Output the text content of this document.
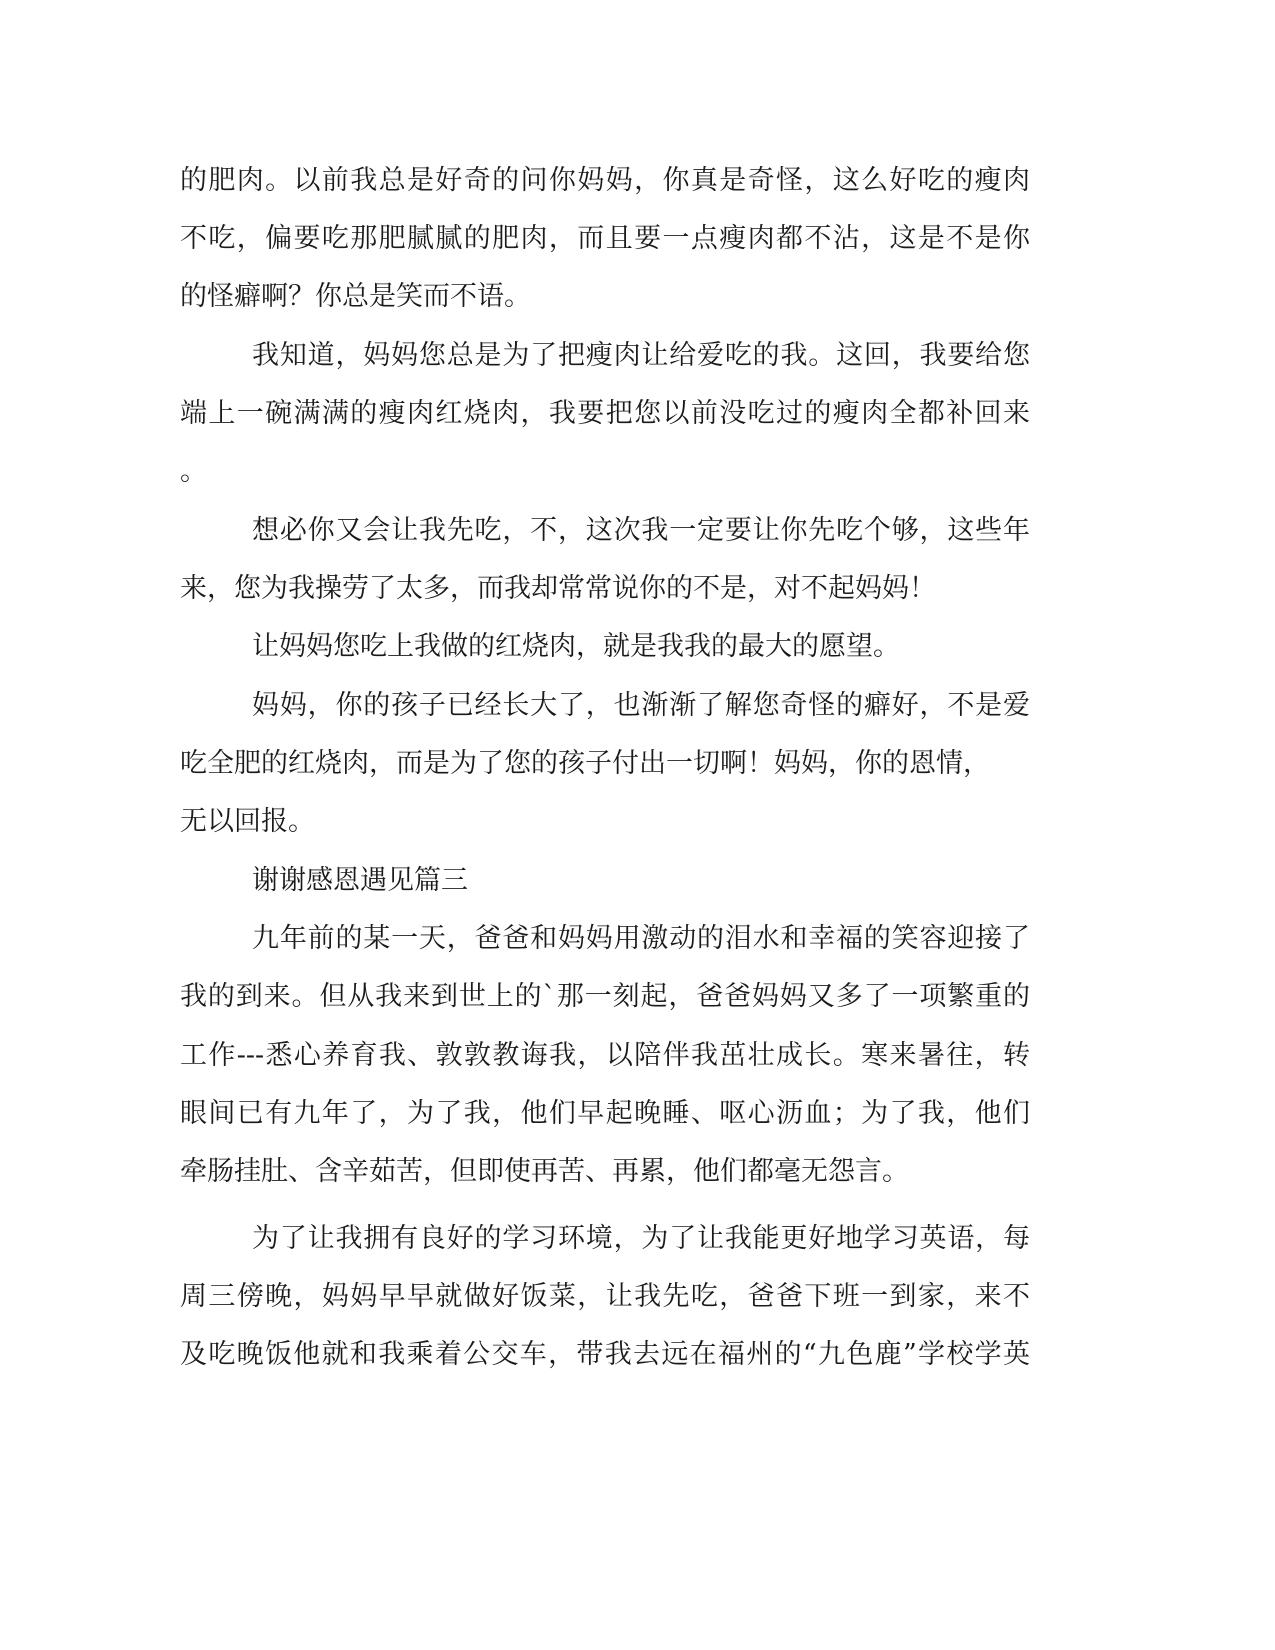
的肥肉。以前我总是好奇的问你妈妈，你真是奇怪，这么好吃的瘦肉
不吃，偏要吃那肥腻腻的肥肉，而且要一点瘦肉都不沾，这是不是你
的怪癖啊？你总是笑而不语。
我知道，妈妈您总是为了把瘦肉让给爱吃的我。这回，我要给您
端上一碗满满的瘦肉红烧肉，我要把您以前没吃过的瘦肉全都补回来
。
想必你又会让我先吃，不，这次我一定要让你先吃个够，这些年
来，您为我操劳了太多，而我却常常说你的不是，对不起妈妈！
让妈妈您吃上我做的红烧肉，就是我我的最大的愿望。
妈妈，你的孩子已经长大了，也渐渐了解您奇怪的癖好，不是爱
吃全肥的红烧肉，而是为了您的孩子付出一切啊！妈妈，你的恩情，
无以回报。
谢谢感恩遇见篇三
九年前的某一天，爸爸和妈妈用激动的泪水和幸福的笑容迎接了
我的到来。但从我来到世上的`那一刻起，爸爸妈妈又多了一项繁重的
工作---悉心养育我、敦敦教诲我，以陪伴我茁壮成长。寒来暑往，转
眼间已有九年了，为了我，他们早起晚睡、呕心沥血；为了我，他们
牵肠挂肚、含辛茹苦，但即使再苦、再累，他们都毫无怨言。
为了让我拥有良好的学习环境，为了让我能更好地学习英语，每
周三傍晚，妈妈早早就做好饭菜，让我先吃，爸爸下班一到家，来不
及吃晚饭他就和我乘着公交车，带我去远在福州的“九色鹿”学校学英
